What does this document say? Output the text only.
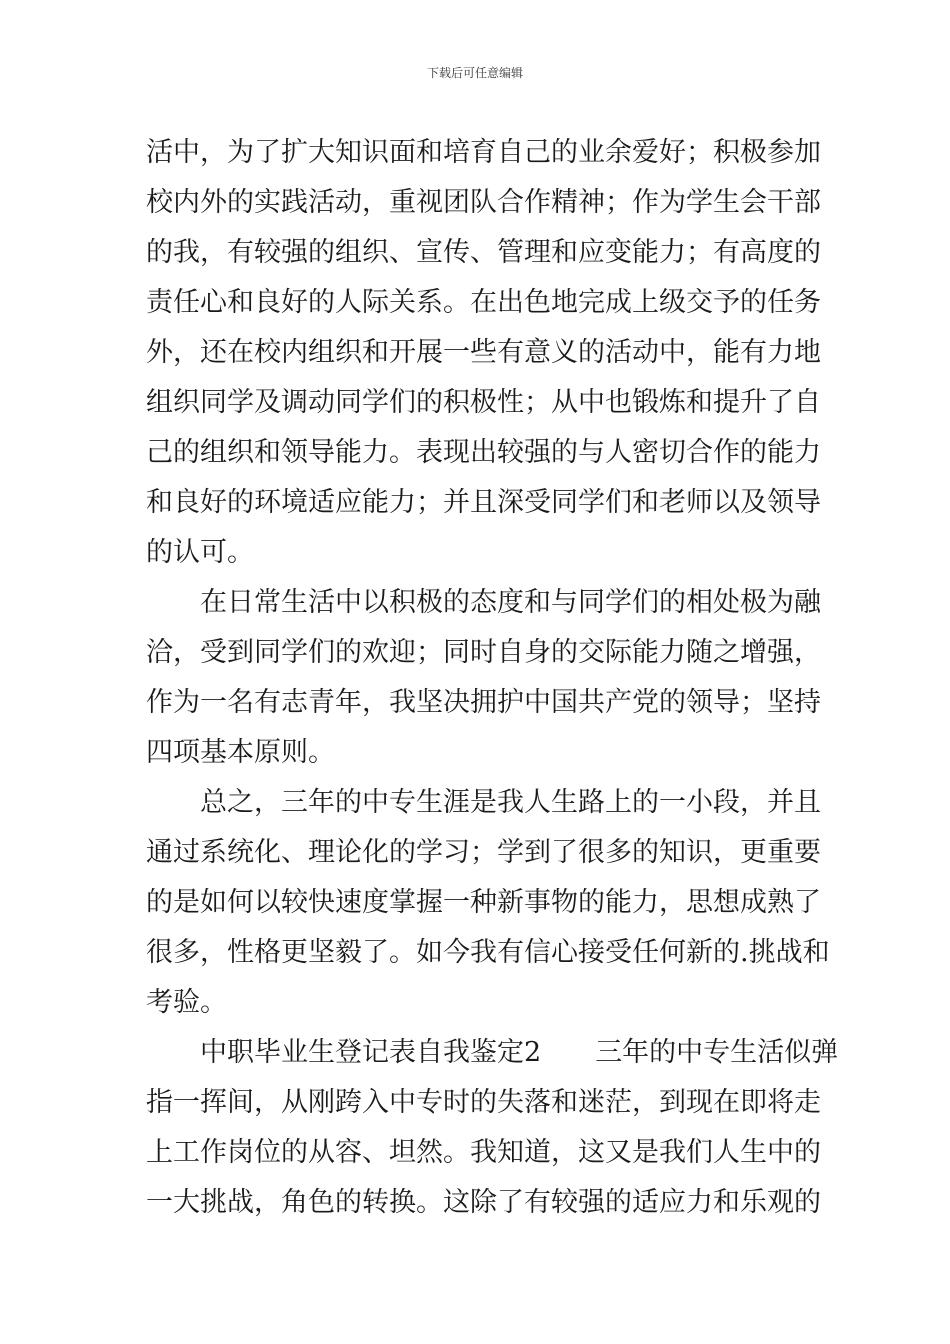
下载后可任意编辑
活中，为了扩大知识面和培育自己的业余爱好；积极参加
校内外的实践活动，重视团队合作精神；作为学生会干部
的我，有较强的组织、宣传、管理和应变能力；有高度的
责任心和良好的人际关系。在出色地完成上级交予的任务
外，还在校内组织和开展一些有意义的活动中，能有力地
组织同学及调动同学们的积极性；从中也锻炼和提升了自
己的组织和领导能力。表现出较强的与人密切合作的能力
和良好的环境适应能力；并且深受同学们和老师以及领导
的认可。
在日常生活中以积极的态度和与同学们的相处极为融
洽，受到同学们的欢迎；同时自身的交际能力随之增强，
作为一名有志青年，我坚决拥护中国共产党的领导；坚持
四项基本原则。
总之，三年的中专生涯是我人生路上的一小段，并且
通过系统化、理论化的学习；学到了很多的知识，更重要
的是如何以较快速度掌握一种新事物的能力，思想成熟了
很多，性格更坚毅了。如今我有信心接受任何新的.挑战和
考验。
中职毕业生登记表自我鉴定2 三年的中专生活似弹
指一挥间，从刚跨入中专时的失落和迷茫，到现在即将走
上工作岗位的从容、坦然。我知道，这又是我们人生中的
一大挑战，角色的转换。这除了有较强的适应力和乐观的
